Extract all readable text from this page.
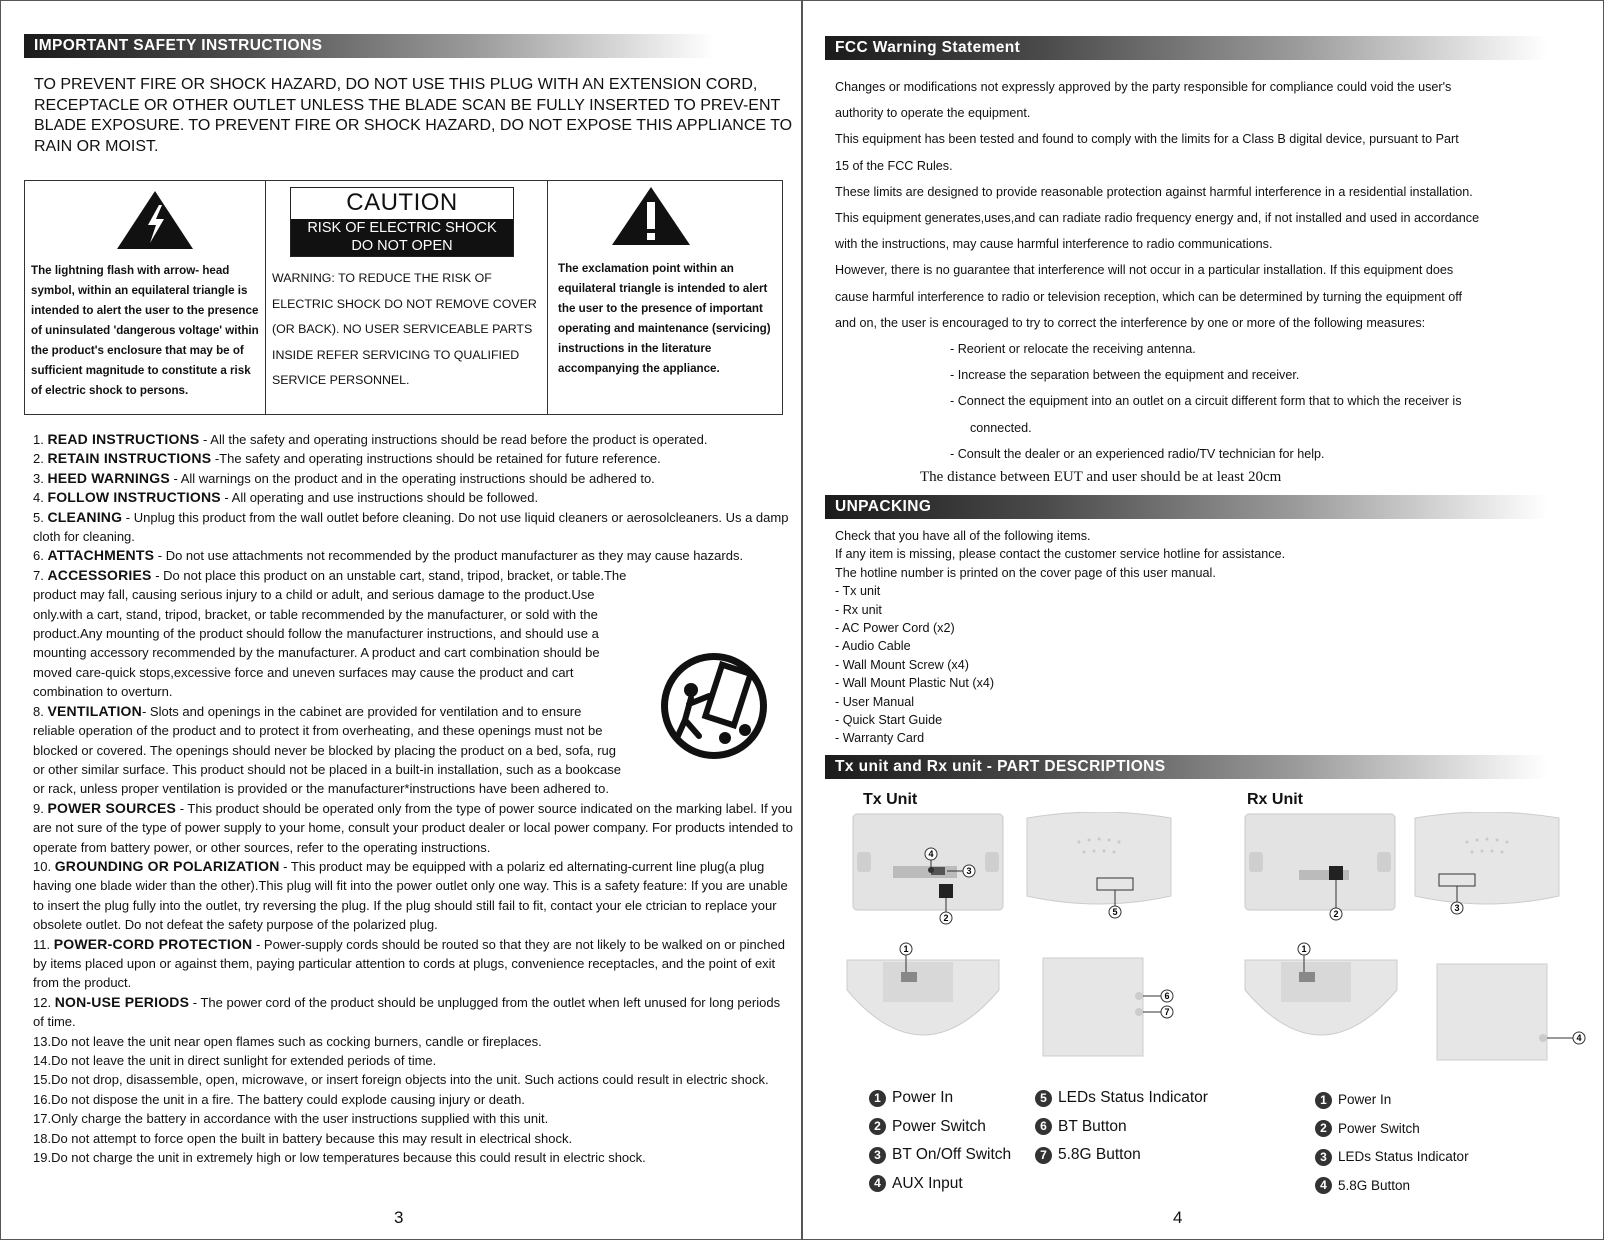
IMPORTANT SAFETY INSTRUCTIONS

TO PREVENT FIRE OR SHOCK HAZARD, DO NOT USE THIS PLUG WITH AN EXTENSION CORD, RECEPTACLE OR OTHER OUTLET UNLESS THE BLADE SCAN BE FULLY INSERTED TO PREV-ENT BLADE EXPOSURE. TO PREVENT FIRE OR SHOCK HAZARD, DO NOT EXPOSE THIS APPLIANCE TO RAIN OR MOIST.

The lightning flash with arrow- head symbol, within an equilateral triangle is intended to alert the user to the presence of uninsulated 'dangerous voltage' within the product's enclosure that may be of sufficient magnitude to constitute a risk of electric shock to persons.
CAUTION
RISK OF ELECTRIC SHOCK
DO NOT OPEN
WARNING: TO REDUCE THE RISK OF ELECTRIC SHOCK DO NOT REMOVE COVER (OR BACK). NO USER SERVICEABLE PARTS INSIDE REFER SERVICING TO QUALIFIED SERVICE PERSONNEL.
The exclamation point within an equilateral triangle is intended to alert the user to the presence of important operating and maintenance (servicing) instructions in the literature accompanying the appliance.

1. READ INSTRUCTIONS - All the safety and operating instructions should be read before the product is operated.

2. RETAIN INSTRUCTIONS -The safety and operating instructions should be retained for future reference.

3. HEED WARNINGS - All warnings on the product and in the operating instructions should be adhered to.

4. FOLLOW INSTRUCTIONS - All operating and use instructions should be followed.

5. CLEANING - Unplug this product from the wall outlet before cleaning. Do not use liquid cleaners or aerosolcleaners. Us a damp cloth for cleaning.

6. ATTACHMENTS - Do not use attachments not recommended by the product manufacturer as they may cause hazards.

7. ACCESSORIES - Do not place this product on an unstable cart, stand, tripod, bracket, or table.The product may fall, causing serious injury to a child or adult, and serious damage to the product.Use only.with a cart, stand, tripod, bracket, or table recommended by the manufacturer, or sold with the product.Any mounting of the product should follow the manufacturer instructions, and should use a mounting accessory recommended by the manufacturer. A product and cart combination should be moved care-quick stops,excessive force and uneven surfaces may cause the product and cart combination to overturn.

8. VENTILATION- Slots and openings in the cabinet are provided for ventilation and to ensure reliable operation of the product and to protect it from overheating, and these openings must not be blocked or covered. The openings should never be blocked by placing the product on a bed, sofa, rug or other similar surface. This product should not be placed in a built-in installation, such as a bookcase or rack, unless proper ventilation is provided or the manufacturer*instructions have been adhered to.

9. POWER SOURCES - This product should be operated only from the type of power source indicated on the marking label. If you are not sure of the type of power supply to your home, consult your product dealer or local power company. For products intended to operate from battery power, or other sources, refer to the operating instructions.

10. GROUNDING OR POLARIZATION - This product may be equipped with a polariz ed alternating-current line plug(a plug having one blade wider than the other).This plug will fit into the power outlet only one way. This is a safety feature: If you are unable to insert the plug fully into the outlet, try reversing the plug. If the plug should still fail to fit, contact your ele ctrician to replace your obsolete outlet. Do not defeat the safety purpose of the polarized plug.

11. POWER-CORD PROTECTION - Power-supply cords should be routed so that they are not likely to be walked on or pinched by items placed upon or against them, paying particular attention to cords at plugs, convenience receptacles, and the point of exit from the product.

12. NON-USE PERIODS - The power cord of the product should be unplugged from the outlet when left unused for long periods of time.

13.Do not leave the unit near open flames such as cocking burners, candle or fireplaces.

14.Do not leave the unit in direct sunlight for extended periods of time.

15.Do not drop, disassemble, open, microwave, or insert foreign objects into the unit. Such actions could result in electric shock.

16.Do not dispose the unit in a fire. The battery could explode causing injury or death.

17.Only charge the battery in accordance with the user instructions supplied with this unit.

18.Do not attempt to force open the built in battery because this may result in electrical shock.

19.Do not charge the unit in extremely high or low temperatures because this could result in electric shock.

3
FCC Warning Statement

Changes or modifications not expressly approved by the party responsible for compliance could void the user's

authority to operate the equipment.

This equipment has been tested and found to comply with the limits for a Class B digital device, pursuant to Part

15 of the FCC Rules.

These limits are designed to provide reasonable protection against harmful interference in a residential installation.

This equipment generates,uses,and can radiate radio frequency energy and, if not installed and used in accordance

with the instructions, may cause harmful interference to radio communications.

However, there is no guarantee that interference will not occur in a particular installation. If this equipment does

cause harmful interference to radio or television reception, which can be determined by turning the equipment off

and on, the user is encouraged to try to correct the interference by one or more of the following measures:

- Reorient or relocate the receiving antenna.

- Increase the separation between the equipment and receiver.

- Connect the equipment into an outlet on a circuit different form that to which the receiver is

connected.

- Consult the dealer or an experienced radio/TV technician for help.

The distance between EUT and user should be at least 20cm
UNPACKING

Check that you have all of the following items.

If any item is missing, please contact the customer service hotline for assistance.

The hotline number is printed on the cover page of this user manual.

- Tx unit

- Rx unit

- AC Power Cord (x2)

- Audio Cable

- Wall Mount Screw (x4)

- Wall Mount Plastic Nut (x4)

- User Manual

- Quick Start Guide

- Warranty Card

Tx unit and Rx unit - PART DESCRIPTIONS
Tx Unit	Rx Unit
4
3
2
5	2
3
1
6
7
1
4
1 Power In
2 Power Switch
3 BT On/Off Switch
4 AUX Input
5 LEDs Status Indicator
6 BT Button
7 5.8G Button
1 Power In
2 Power Switch
3 LEDs Status Indicator
4 5.8G Button
4
